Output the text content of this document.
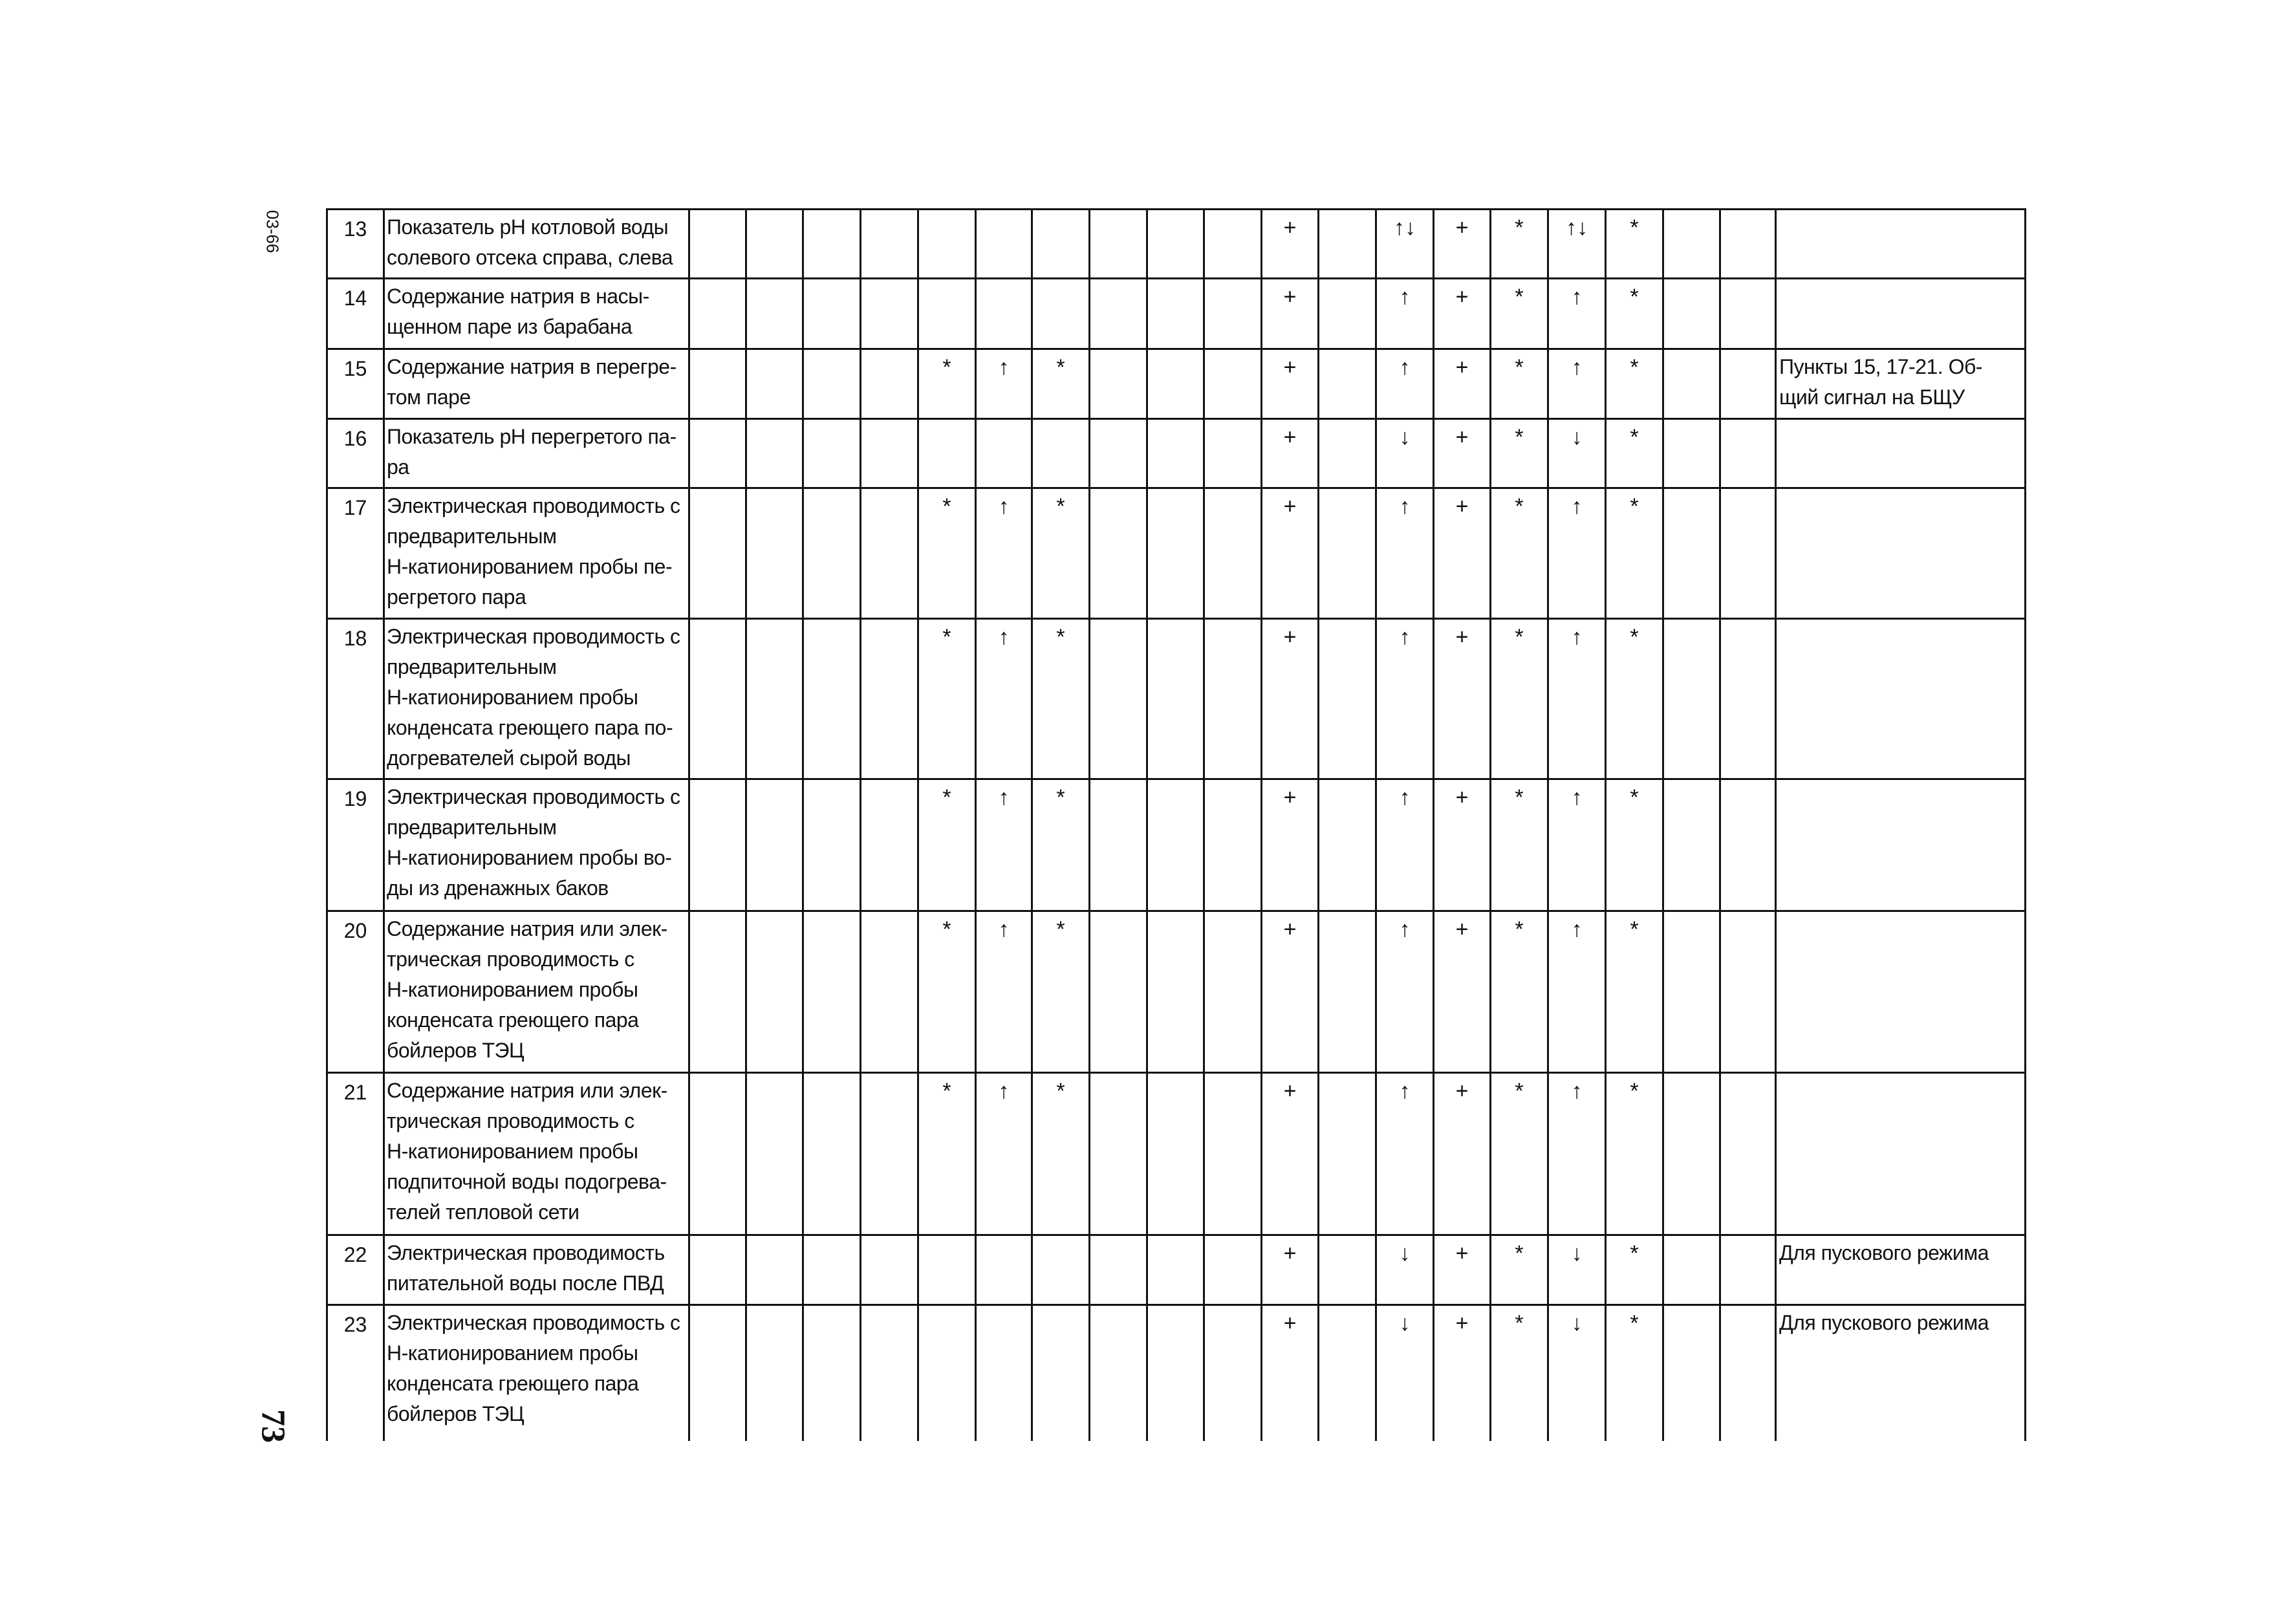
03-66
73
13	Показатель pH котловой воды
солевого отсека справа, слева											+		↑↓	+	*	↑↓	*			
14	Содержание натрия в насы-
щенном паре из барабана											+		↑	+	*	↑	*			
15	Содержание натрия в перегре-
том паре					*	↑	*				+		↑	+	*	↑	*			Пункты 15, 17-21. Об-
щий сигнал на БЩУ

16	Показатель pH перегретого па-
ра											+		↓	+	*	↓	*			
17	Электрическая проводимость с
предварительным
Н-катионированием пробы пе-
регретого пара					*	↑	*				+		↑	+	*	↑	*			
18	Электрическая проводимость с
предварительным
Н-катионированием пробы
конденсата греющего пара по-
догревателей сырой воды					*	↑	*				+		↑	+	*	↑	*			
19	Электрическая проводимость с
предварительным
Н-катионированием пробы во-
ды из дренажных баков					*	↑	*				+		↑	+	*	↑	*			
20	Содержание натрия или элек-
трическая проводимость с
Н-катионированием пробы
конденсата греющего пара
бойлеров ТЭЦ					*	↑	*				+		↑	+	*	↑	*			
21	Содержание натрия или элек-
трическая проводимость с
Н-катионированием пробы
подпиточной воды подогрева-
телей тепловой сети					*	↑	*				+		↑	+	*	↑	*			
22	Электрическая проводимость
питательной воды после ПВД											+		↓	+	*	↓	*			Для пускового режима

23	Электрическая проводимость с
Н-катионированием пробы
конденсата греющего пара
бойлеров ТЭЦ											+		↓	+	*	↓	*			Для пускового режима
